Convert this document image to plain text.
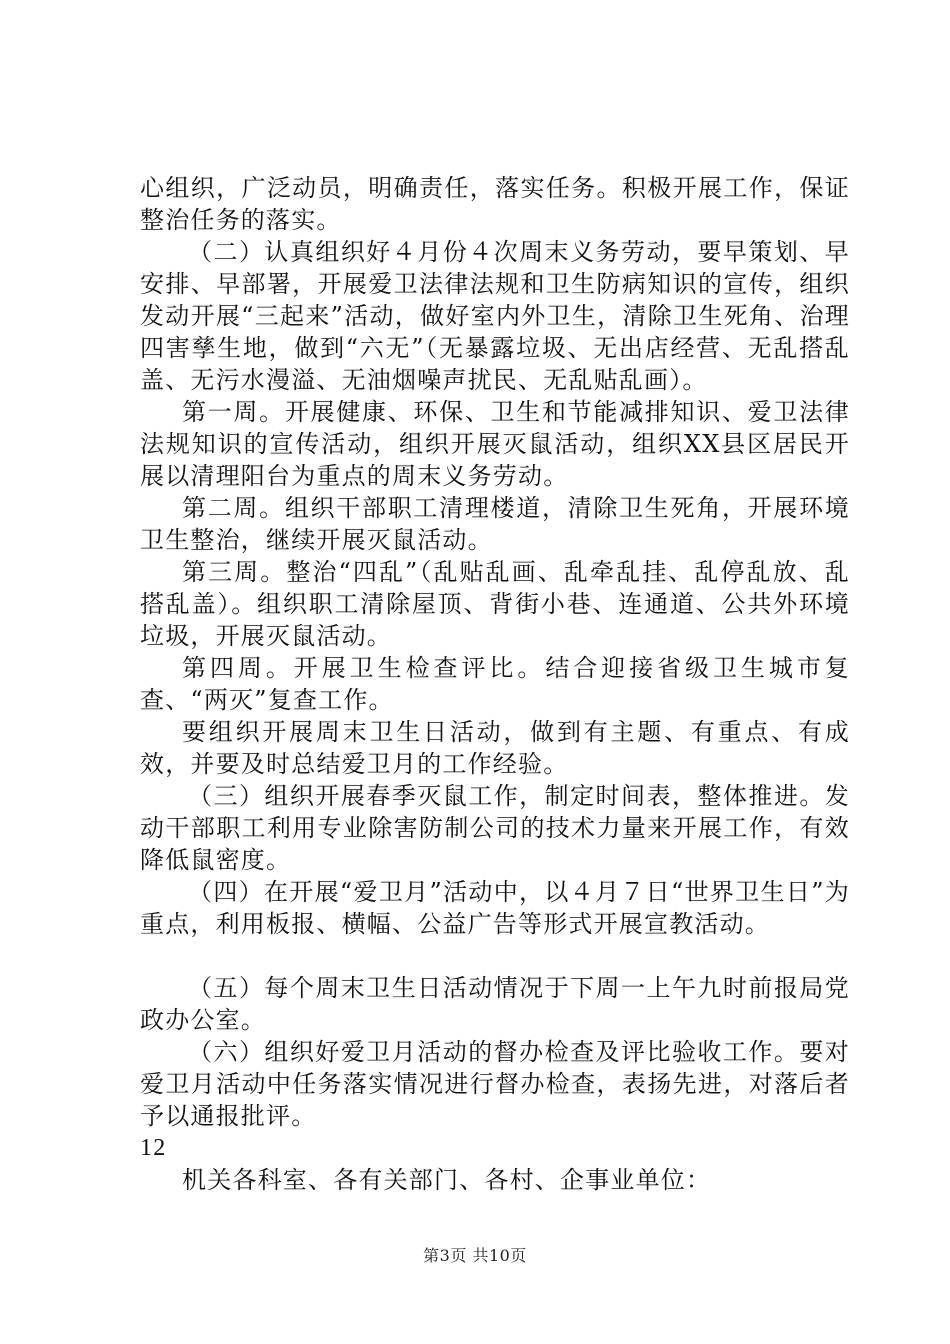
心组织，广泛动员，明确责任，落实任务。积极开展工作，保证整治任务的落实。

（二）认真组织好４月份４次周末义务劳动，要早策划、早安排、早部署，开展爱卫法律法规和卫生防病知识的宣传，组织发动开展“三起来”活动，做好室内外卫生，清除卫生死角、治理四害孳生地，做到“六无”（无暴露垃圾、无出店经营、无乱搭乱盖、无污水漫溢、无油烟噪声扰民、无乱贴乱画）。

第一周。开展健康、环保、卫生和节能减排知识、爱卫法律法规知识的宣传活动，组织开展灭鼠活动，组织XX县区居民开展以清理阳台为重点的周末义务劳动。

第二周。组织干部职工清理楼道，清除卫生死角，开展环境卫生整治，继续开展灭鼠活动。

第三周。整治“四乱”（乱贴乱画、乱牵乱挂、乱停乱放、乱搭乱盖）。组织职工清除屋顶、背街小巷、连通道、公共外环境垃圾，开展灭鼠活动。

第四周。开展卫生检查评比。结合迎接省级卫生城市复查、“两灭”复查工作。

要组织开展周末卫生日活动，做到有主题、有重点、有成效，并要及时总结爱卫月的工作经验。

（三）组织开展春季灭鼠工作，制定时间表，整体推进。发动干部职工利用专业除害防制公司的技术力量来开展工作，有效降低鼠密度。

（四）在开展“爱卫月”活动中，以４月７日“世界卫生日”为重点，利用板报、横幅、公益广告等形式开展宣教活动。

（五）每个周末卫生日活动情况于下周一上午九时前报局党政办公室。

（六）组织好爱卫月活动的督办检查及评比验收工作。要对爱卫月活动中任务落实情况进行督办检查，表扬先进，对落后者予以通报批评。

12

机关各科室、各有关部门、各村、企事业单位：

第3页 共10页
